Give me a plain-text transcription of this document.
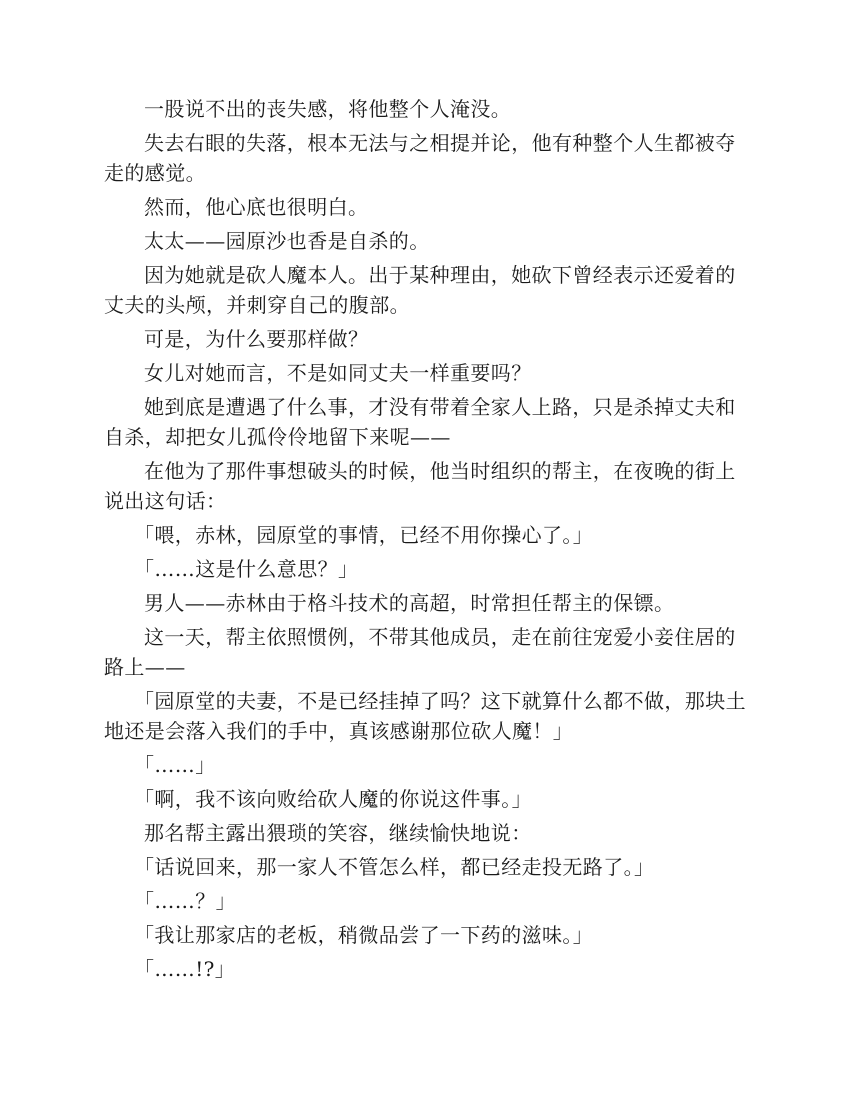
一股说不出的丧失感，将他整个人淹没。

失去右眼的失落，根本无法与之相提并论，他有种整个人生都被夺走的感觉。

然而，他心底也很明白。

太太——园原沙也香是自杀的。

因为她就是砍人魔本人。出于某种理由，她砍下曾经表示还爱着的丈夫的头颅，并刺穿自己的腹部。

可是，为什么要那样做？

女儿对她而言，不是如同丈夫一样重要吗？

她到底是遭遇了什么事，才没有带着全家人上路，只是杀掉丈夫和自杀，却把女儿孤伶伶地留下来呢——

在他为了那件事想破头的时候，他当时组织的帮主，在夜晚的街上说出这句话：

「喂，赤林，园原堂的事情，已经不用你操心了。」

「……这是什么意思？」

男人——赤林由于格斗技术的高超，时常担任帮主的保镖。

这一天，帮主依照惯例，不带其他成员，走在前往宠爱小妾住居的路上——

「园原堂的夫妻，不是已经挂掉了吗？这下就算什么都不做，那块土地还是会落入我们的手中，真该感谢那位砍人魔！」

「……」

「啊，我不该向败给砍人魔的你说这件事。」

那名帮主露出猥琐的笑容，继续愉快地说：

「话说回来，那一家人不管怎么样，都已经走投无路了。」

「……？」

「我让那家店的老板，稍微品尝了一下药的滋味。」

「……!?」
